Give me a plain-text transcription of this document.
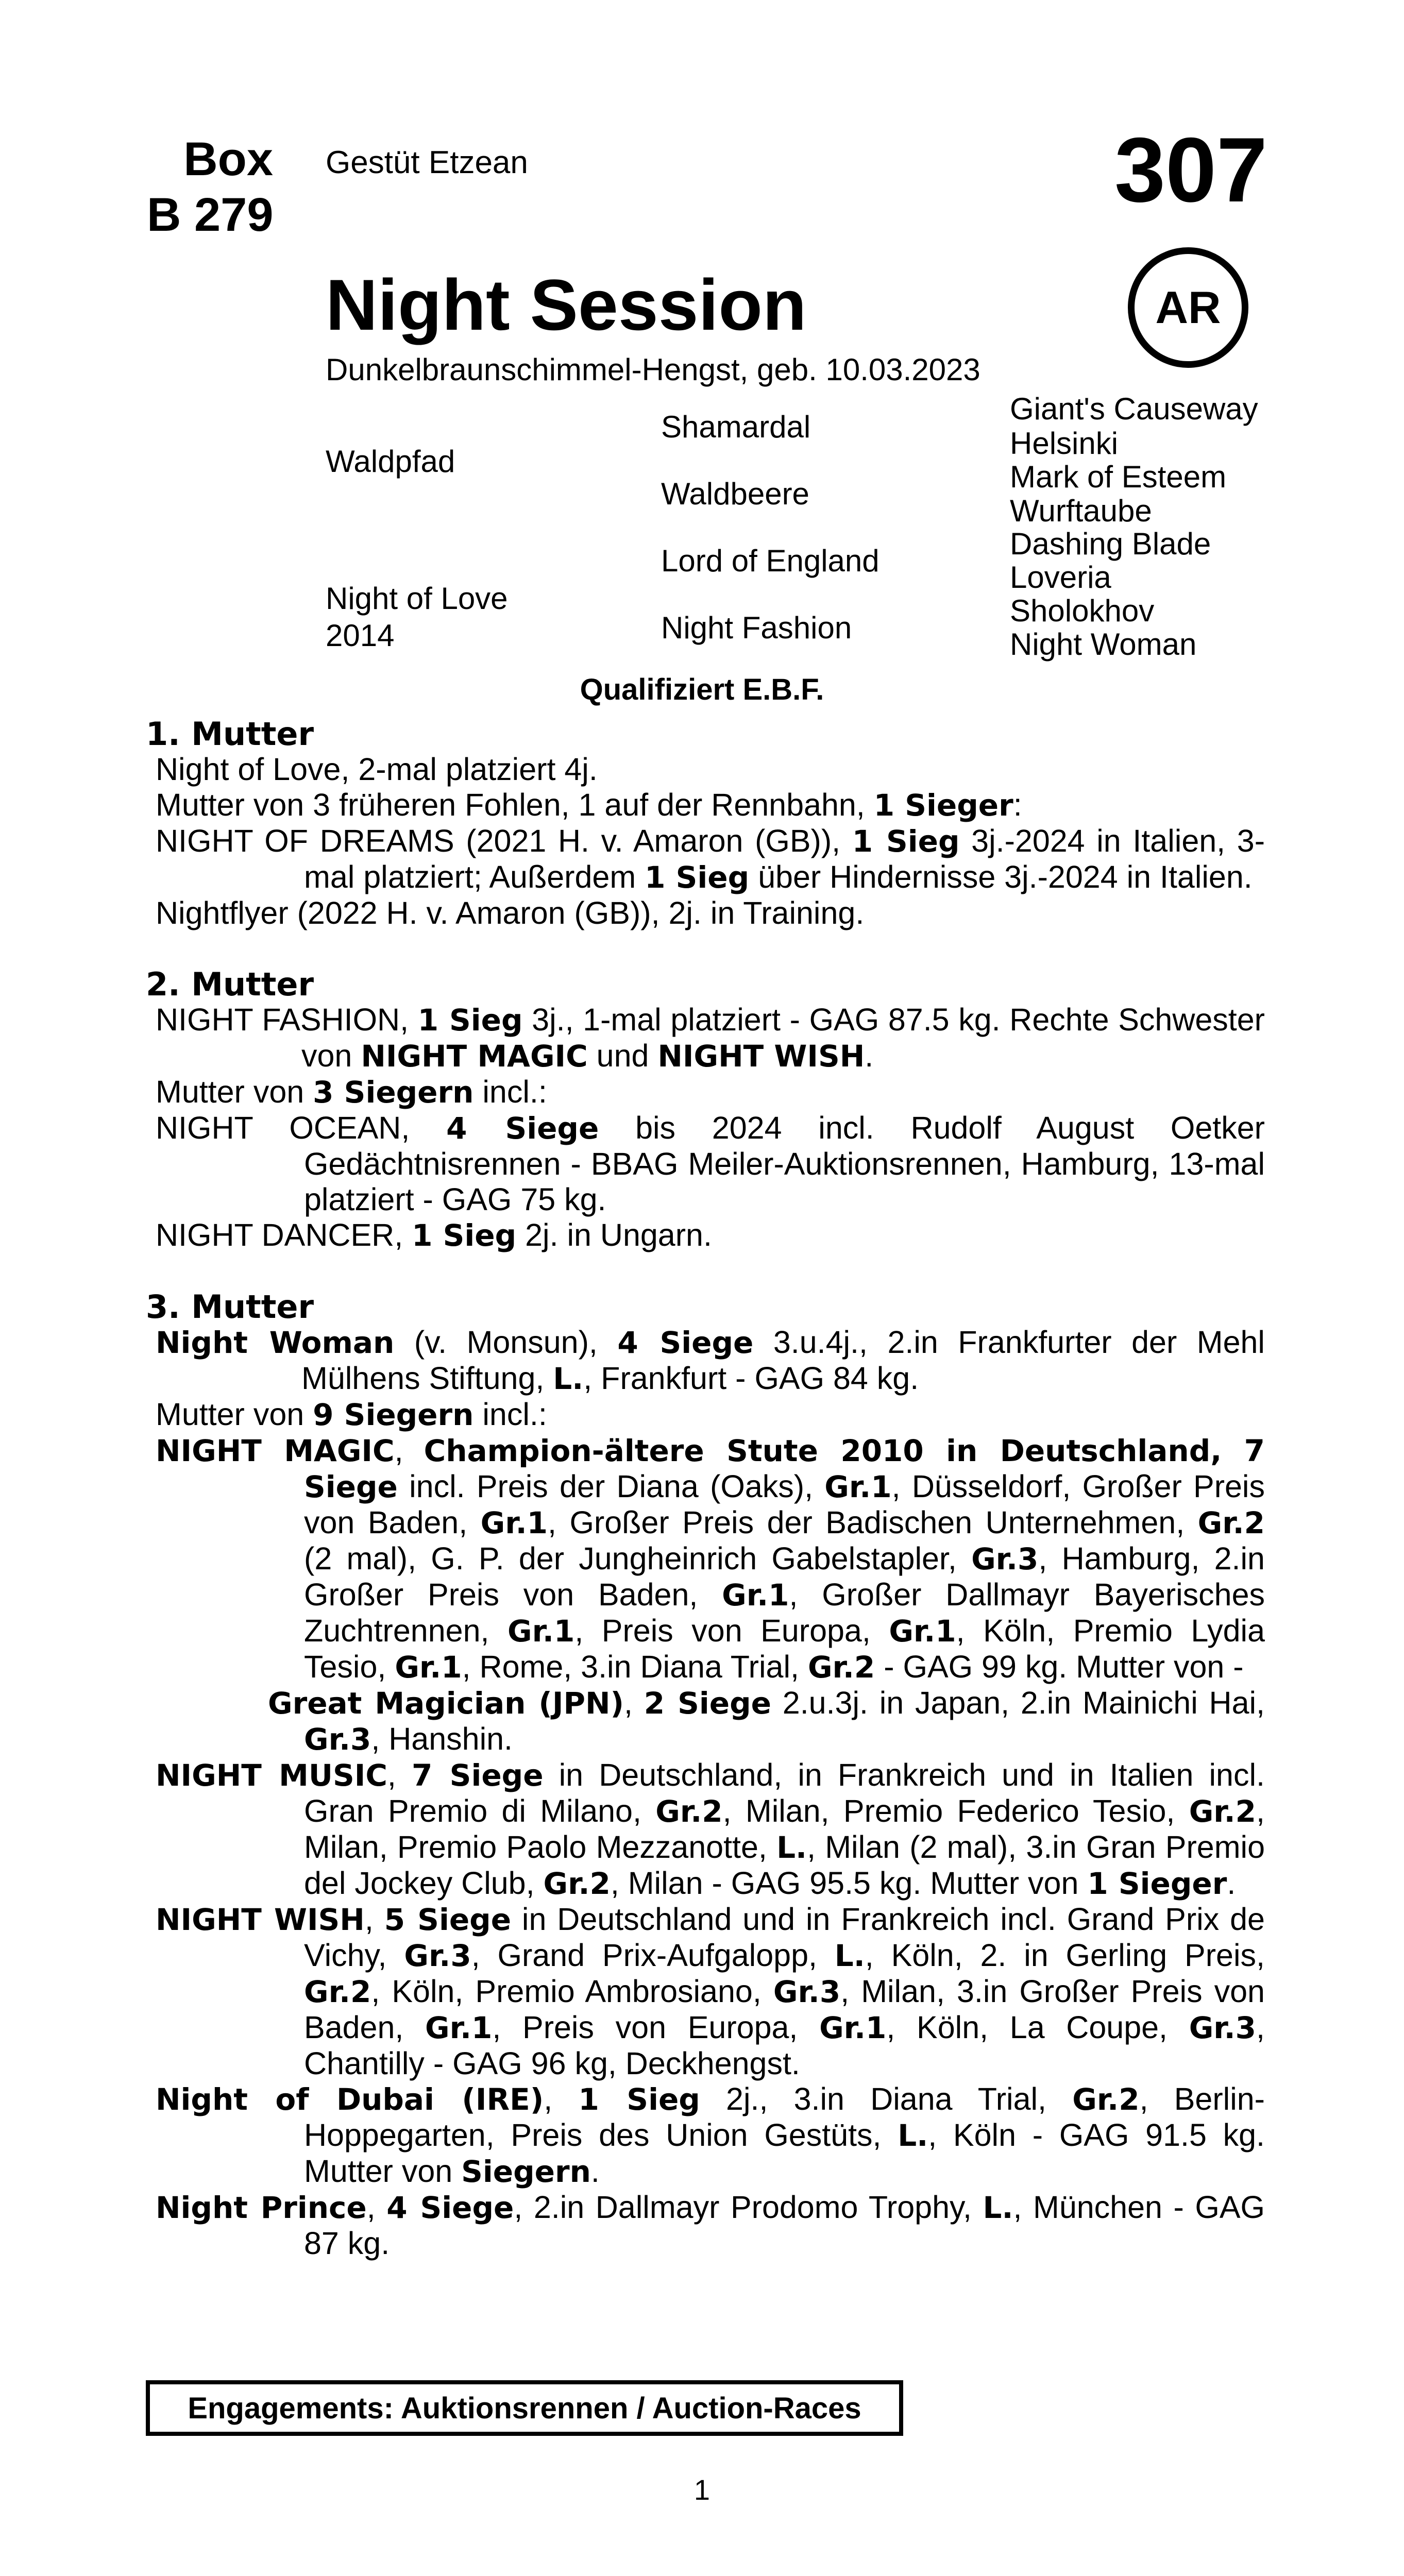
Box
B 279
Gestüt Etzean	307
Night Session	AR
Dunkelbraunschimmel-Hengst, geb. 10.03.2023
Waldpfad
Night of Love
2014
Shamardal
Waldbeere
Lord of England
Night Fashion
Giant's Causeway
Helsinki
Mark of Esteem
Wurftaube
Dashing Blade
Loveria
Sholokhov
Night Woman
Qualifiziert E.B.F.
1. Mutter
Night of Love, 2-mal platziert 4j.
Mutter von 3 früheren Fohlen, 1 auf der Rennbahn, 1 Sieger:
NIGHT OF DREAMS (2021 H. v. Amaron (GB)), 1 Sieg 3j.-2024 in Italien, 3-mal platziert; Außerdem 1 Sieg über Hindernisse 3j.-2024 in Italien.
Nightflyer (2022 H. v. Amaron (GB)), 2j. in Training.
2. Mutter
NIGHT FASHION, 1 Sieg 3j., 1-mal platziert - GAG 87.5 kg. Rechte Schwester von NIGHT MAGIC und NIGHT WISH.
Mutter von 3 Siegern incl.:
NIGHT OCEAN, 4 Siege bis 2024 incl. Rudolf August Oetker Gedächtnisrennen - BBAG Meiler-Auktionsrennen, Hamburg, 13-mal platziert - GAG 75 kg.
NIGHT DANCER, 1 Sieg 2j. in Ungarn.
3. Mutter
Night Woman (v. Monsun), 4 Siege 3.u.4j., 2.in Frankfurter der Mehl Mülhens Stiftung, L., Frankfurt - GAG 84 kg.
Mutter von 9 Siegern incl.:
NIGHT MAGIC, Champion-ältere Stute 2010 in Deutschland, 7 Siege incl. Preis der Diana (Oaks), Gr.1, Düsseldorf, Großer Preis von Baden, Gr.1, Großer Preis der Badischen Unternehmen, Gr.2 (2 mal), G. P. der Jungheinrich Gabelstapler, Gr.3, Hamburg, 2.in Großer Preis von Baden, Gr.1, Großer Dallmayr Bayerisches Zuchtrennen, Gr.1, Preis von Europa, Gr.1, Köln, Premio Lydia Tesio, Gr.1, Rome, 3.in Diana Trial, Gr.2 - GAG 99 kg. Mutter von -
Great Magician (JPN), 2 Siege 2.u.3j. in Japan, 2.in Mainichi Hai, Gr.3, Hanshin.
NIGHT MUSIC, 7 Siege in Deutschland, in Frankreich und in Italien incl. Gran Premio di Milano, Gr.2, Milan, Premio Federico Tesio, Gr.2, Milan, Premio Paolo Mezzanotte, L., Milan (2 mal), 3.in Gran Premio del Jockey Club, Gr.2, Milan - GAG 95.5 kg. Mutter von 1 Sieger.
NIGHT WISH, 5 Siege in Deutschland und in Frankreich incl. Grand Prix de Vichy, Gr.3, Grand Prix-Aufgalopp, L., Köln, 2. in Gerling Preis, Gr.2, Köln, Premio Ambrosiano, Gr.3, Milan, 3.in Großer Preis von Baden, Gr.1, Preis von Europa, Gr.1, Köln, La Coupe, Gr.3, Chantilly - GAG 96 kg, Deckhengst.
Night of Dubai (IRE), 1 Sieg 2j., 3.in Diana Trial, Gr.2, Berlin-Hoppegarten, Preis des Union Gestüts, L., Köln - GAG 91.5 kg. Mutter von Siegern.
Night Prince, 4 Siege, 2.in Dallmayr Prodomo Trophy, L., München - GAG 87 kg.
Engagements: Auktionsrennen / Auction-Races
1
